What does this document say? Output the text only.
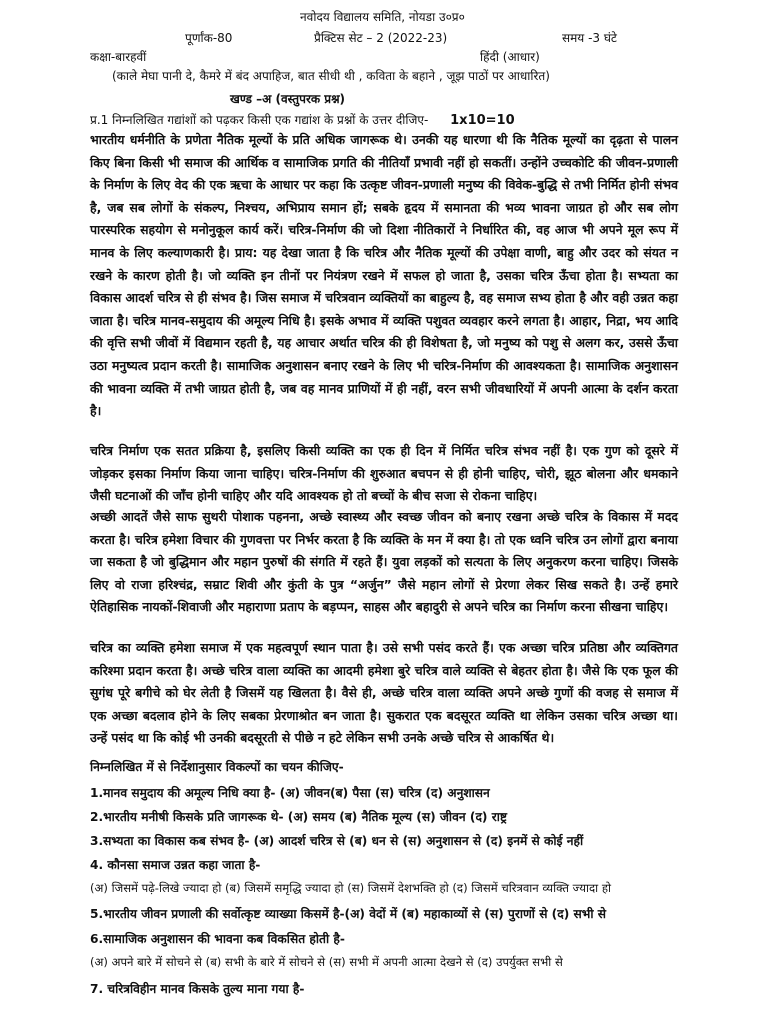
नवोदय विद्यालय समिति, नोयडा उ०प्र०
पूर्णांक-80	प्रैक्टिस सेट – 2 (2022-23)	समय -3 घंटे
कक्षा-बारहवीं	हिंदी (आधार)
(काले मेघा पानी दे, कैमरे में बंद अपाहिज, बात सीधी थी , कविता के बहाने , जूझ पाठों पर आधारित)
खण्ड –अ (वस्तुपरक प्रश्न)
प्र.1 निम्नलिखित गद्यांशों को पढ़कर किसी एक गद्यांश के प्रश्नों के उत्तर दीजिए- 1x10=10
भारतीय धर्मनीति के प्रणेता नैतिक मूल्यों के प्रति अधिक जागरूक थे। उनकी यह धारणा थी कि नैतिक मूल्यों का दृढ़ता से पालन किए बिना किसी भी समाज की आर्थिक व सामाजिक प्रगति की नीतियाँ प्रभावी नहीं हो सकतीं। उन्होंने उच्चकोटि की जीवन-प्रणाली के निर्माण के लिए वेद की एक ऋचा के आधार पर कहा कि उत्कृष्ट जीवन-प्रणाली मनुष्य की विवेक-बुद्धि से तभी निर्मित होनी संभव है, जब सब लोगों के संकल्प, निश्चय, अभिप्राय समान हों; सबके हृदय में समानता की भव्य भावना जाग्रत हो और सब लोग पारस्परिक सहयोग से मनोनुकूल कार्य करें। चरित्र-निर्माण की जो दिशा नीतिकारों ने निर्धारित की, वह आज भी अपने मूल रूप में मानव के लिए कल्याणकारी है। प्राय: यह देखा जाता है कि चरित्र और नैतिक मूल्यों की उपेक्षा वाणी, बाहु और उदर को संयत न रखने के कारण होती है। जो व्यक्ति इन तीनों पर नियंत्रण रखने में सफल हो जाता है, उसका चरित्र ऊँचा होता है। सभ्यता का विकास आदर्श चरित्र से ही संभव है। जिस समाज में चरित्रवान व्यक्तियों का बाहुल्य है, वह समाज सभ्य होता है और वही उन्नत कहा जाता है। चरित्र मानव-समुदाय की अमूल्य निधि है। इसके अभाव में व्यक्ति पशुवत व्यवहार करने लगता है। आहार, निद्रा, भय आदि की वृत्ति सभी जीवों में विद्यमान रहती है, यह आचार अर्थात चरित्र की ही विशेषता है, जो मनुष्य को पशु से अलग कर, उससे ऊँचा उठा मनुष्यत्व प्रदान करती है। सामाजिक अनुशासन बनाए रखने के लिए भी चरित्र-निर्माण की आवश्यकता है। सामाजिक अनुशासन की भावना व्यक्ति में तभी जाग्रत होती है, जब वह मानव प्राणियों में ही नहीं, वरन सभी जीवधारियों में अपनी आत्मा के दर्शन करता है।
चरित्र निर्माण एक सतत प्रक्रिया है, इसलिए किसी व्यक्ति का एक ही दिन में निर्मित चरित्र संभव नहीं है। एक गुण को दूसरे में जोड़कर इसका निर्माण किया जाना चाहिए। चरित्र-निर्माण की शुरुआत बचपन से ही होनी चाहिए, चोरी, झूठ बोलना और धमकाने जैसी घटनाओं की जाँच होनी चाहिए और यदि आवश्यक हो तो बच्चों के बीच सजा से रोकना चाहिए।
अच्छी आदतें जैसे साफ सुथरी पोशाक पहनना, अच्छे स्वास्थ्य और स्वच्छ जीवन को बनाए रखना अच्छे चरित्र के विकास में मदद करता है। चरित्र हमेशा विचार की गुणवत्ता पर निर्भर करता है कि व्यक्ति के मन में क्या है। तो एक ध्वनि चरित्र उन लोगों द्वारा बनाया जा सकता है जो बुद्धिमान और महान पुरुषों की संगति में रहते हैं। युवा लड़कों को सत्यता के लिए अनुकरण करना चाहिए। जिसके लिए वो राजा हरिश्चंद्र, सम्राट शिवी और कुंती के पुत्र “अर्जुन” जैसे महान लोगों से प्रेरणा लेकर सिख सकते है। उन्हें हमारे ऐतिहासिक नायकों-शिवाजी और महाराणा प्रताप के बड़प्पन, साहस और बहादुरी से अपने चरित्र का निर्माण करना सीखना चाहिए।
चरित्र का व्यक्ति हमेशा समाज में एक महत्वपूर्ण स्थान पाता है। उसे सभी पसंद करते हैं। एक अच्छा चरित्र प्रतिष्ठा और व्यक्तिगत करिश्मा प्रदान करता है। अच्छे चरित्र वाला व्यक्ति का आदमी हमेशा बुरे चरित्र वाले व्यक्ति से बेहतर होता है। जैसे कि एक फूल की सुगंध पूरे बगीचे को घेर लेती है जिसमें यह खिलता है। वैसे ही, अच्छे चरित्र वाला व्यक्ति अपने अच्छे गुणों की वजह से समाज में एक अच्छा बदलाव होने के लिए सबका प्रेरणाश्रोत बन जाता है। सुकरात एक बदसूरत व्यक्ति था लेकिन उसका चरित्र अच्छा था। उन्हें पसंद था कि कोई भी उनकी बदसूरती से पीछे न हटे लेकिन सभी उनके अच्छे चरित्र से आकर्षित थे।
निम्नलिखित में से निर्देशानुसार विकल्पों का चयन कीजिए-
1.मानव समुदाय की अमूल्य निधि क्या है- (अ) जीवन(ब) पैसा (स) चरित्र (द) अनुशासन
2.भारतीय मनीषी किसके प्रति जागरूक थे- (अ) समय (ब) नैतिक मूल्य (स) जीवन (द) राष्ट्र
3.सभ्यता का विकास कब संभव है- (अ) आदर्श चरित्र से (ब) धन से (स) अनुशासन से (द) इनमें से कोई नहीं
4. कौनसा समाज उन्नत कहा जाता है-
(अ) जिसमें पढ़े-लिखे ज्यादा हो (ब) जिसमें समृद्धि ज्यादा हो (स) जिसमें देशभक्ति हो (द) जिसमें चरित्रवान व्यक्ति ज्यादा हो
5.भारतीय जीवन प्रणाली की सर्वोत्कृष्ट व्याख्या किसमें है-(अ) वेदों में (ब) महाकाव्यों से (स) पुराणों से (द) सभी से
6.सामाजिक अनुशासन की भावना कब विकसित होती है-
(अ) अपने बारे में सोचने से (ब) सभी के बारे में सोचने से (स) सभी में अपनी आत्मा देखने से (द) उपर्युक्त सभी से
7. चरित्रविहीन मानव किसके तुल्य माना गया है-
